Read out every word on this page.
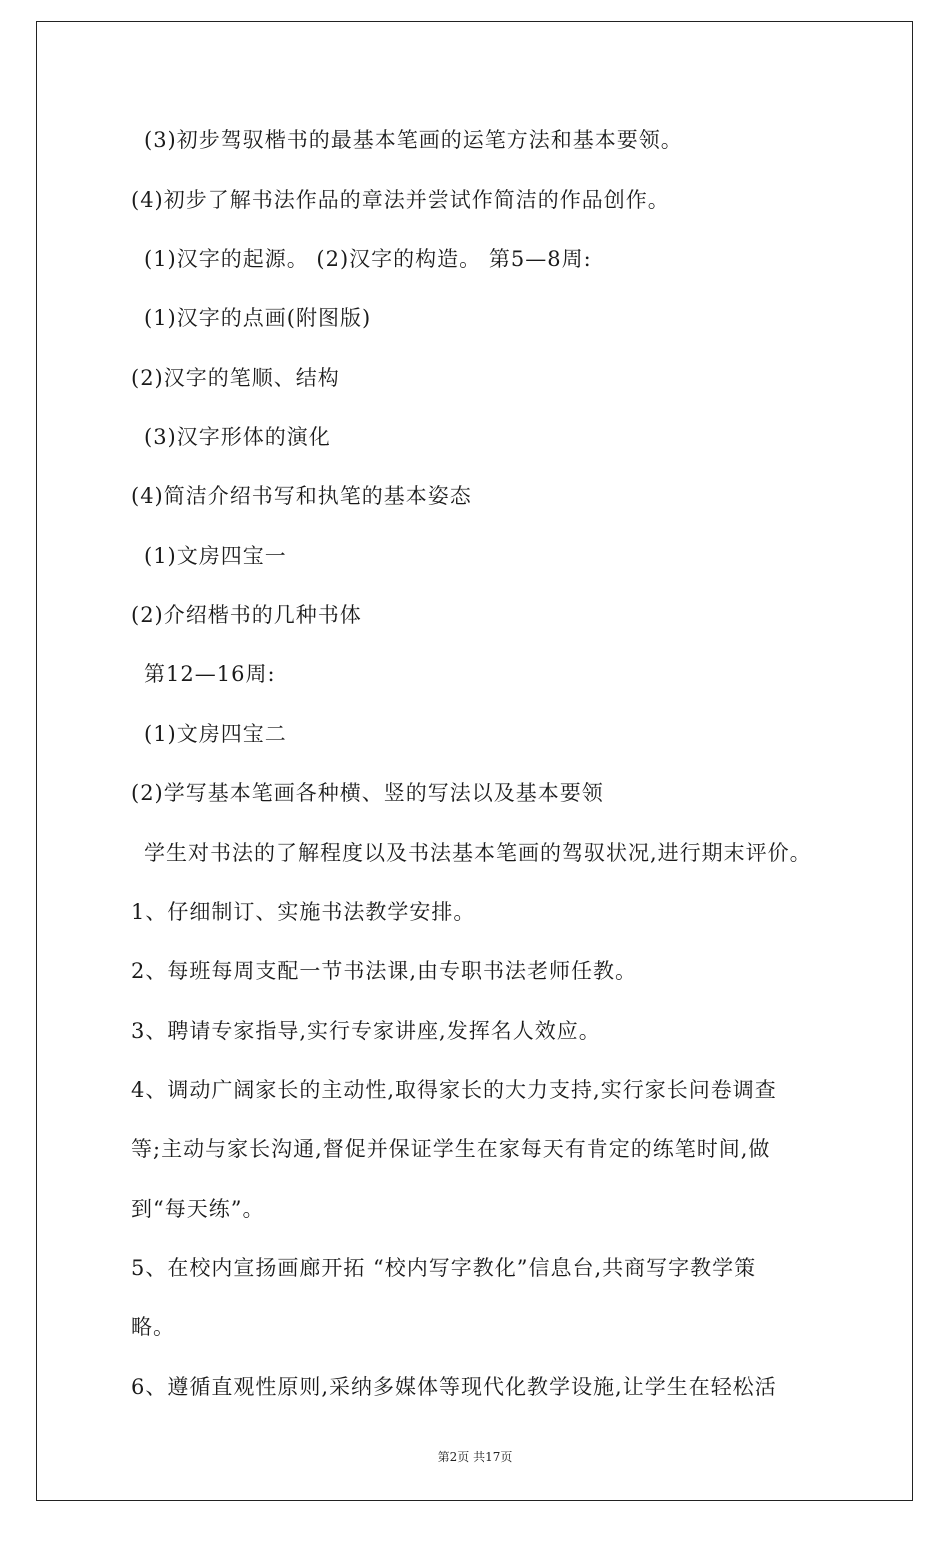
(3)初步驾驭楷书的最基本笔画的运笔方法和基本要领。
(4)初步了解书法作品的章法并尝试作简洁的作品创作。
(1)汉字的起源。 (2)汉字的构造。 第5—8周:
(1)汉字的点画(附图版)
(2)汉字的笔顺、结构
(3)汉字形体的演化
(4)简洁介绍书写和执笔的基本姿态
(1)文房四宝一
(2)介绍楷书的几种书体
第12—16周:
(1)文房四宝二
(2)学写基本笔画各种横、竖的写法以及基本要领
学生对书法的了解程度以及书法基本笔画的驾驭状况,进行期末评价。
1、仔细制订、实施书法教学安排。
2、每班每周支配一节书法课,由专职书法老师任教。
3、聘请专家指导,实行专家讲座,发挥名人效应。
4、调动广阔家长的主动性,取得家长的大力支持,实行家长问卷调查
等;主动与家长沟通,督促并保证学生在家每天有肯定的练笔时间,做
到“每天练”。
5、在校内宣扬画廊开拓 “校内写字教化”信息台,共商写字教学策
略。
6、遵循直观性原则,采纳多媒体等现代化教学设施,让学生在轻松活
第2页 共17页
